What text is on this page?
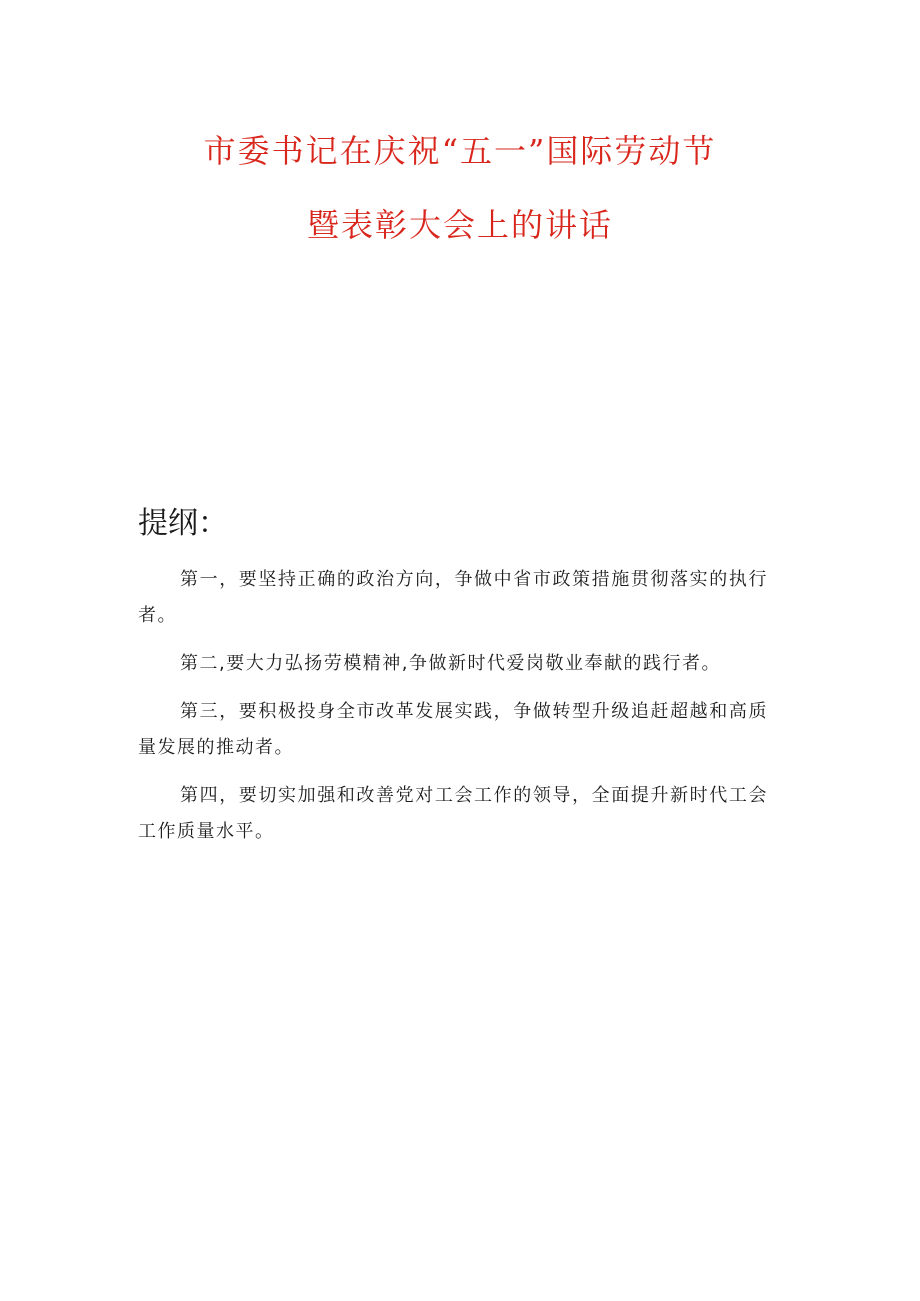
市委书记在庆祝“五一”国际劳动节
暨表彰大会上的讲话
提纲：

第一，要坚持正确的政治方向，争做中省市政策措施贯彻落实的执行者。

第二,要大力弘扬劳模精神,争做新时代爱岗敬业奉献的践行者。

第三，要积极投身全市改革发展实践，争做转型升级追赶超越和高质量发展的推动者。

第四，要切实加强和改善党对工会工作的领导，全面提升新时代工会工作质量水平。
